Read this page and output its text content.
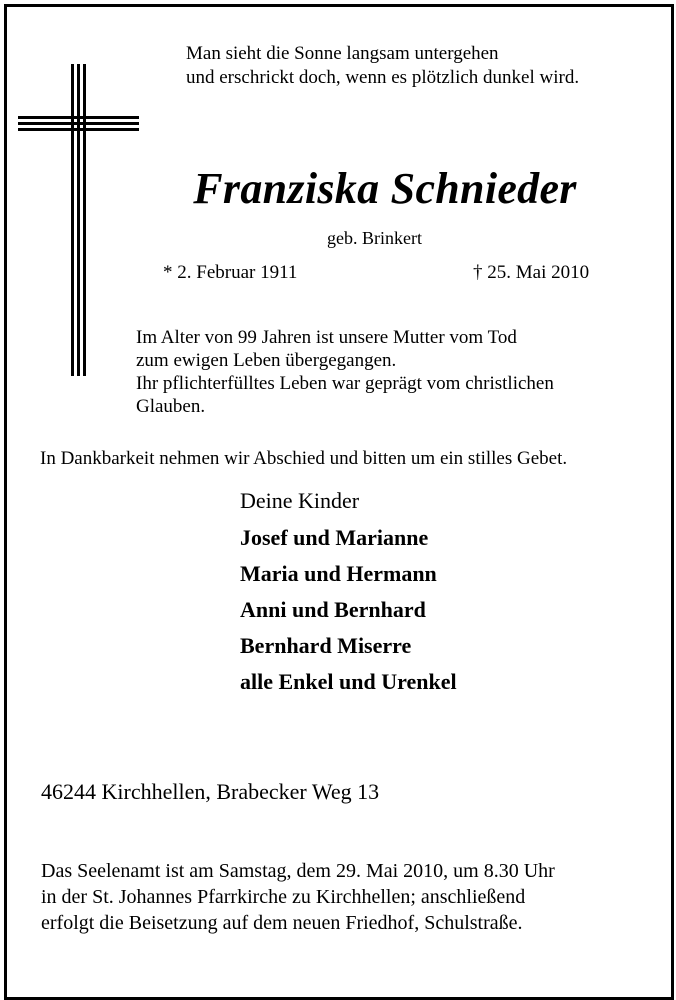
Man sieht die Sonne langsam untergehen
und erschrickt doch, wenn es plötzlich dunkel wird.
Franziska Schnieder
geb. Brinkert
* 2. Februar 1911	† 25. Mai 2010
Im Alter von 99 Jahren ist unsere Mutter vom Tod
zum ewigen Leben übergegangen.
Ihr pflichterfülltes Leben war geprägt vom christlichen
Glauben.
In Dankbarkeit nehmen wir Abschied und bitten um ein stilles Gebet.
Deine Kinder
Josef und Marianne
Maria und Hermann
Anni und Bernhard
Bernhard Miserre
alle Enkel und Urenkel
46244 Kirchhellen, Brabecker Weg 13
Das Seelenamt ist am Samstag, dem 29. Mai 2010, um 8.30 Uhr
in der St. Johannes Pfarrkirche zu Kirchhellen; anschließend
erfolgt die Beisetzung auf dem neuen Friedhof, Schulstraße.
